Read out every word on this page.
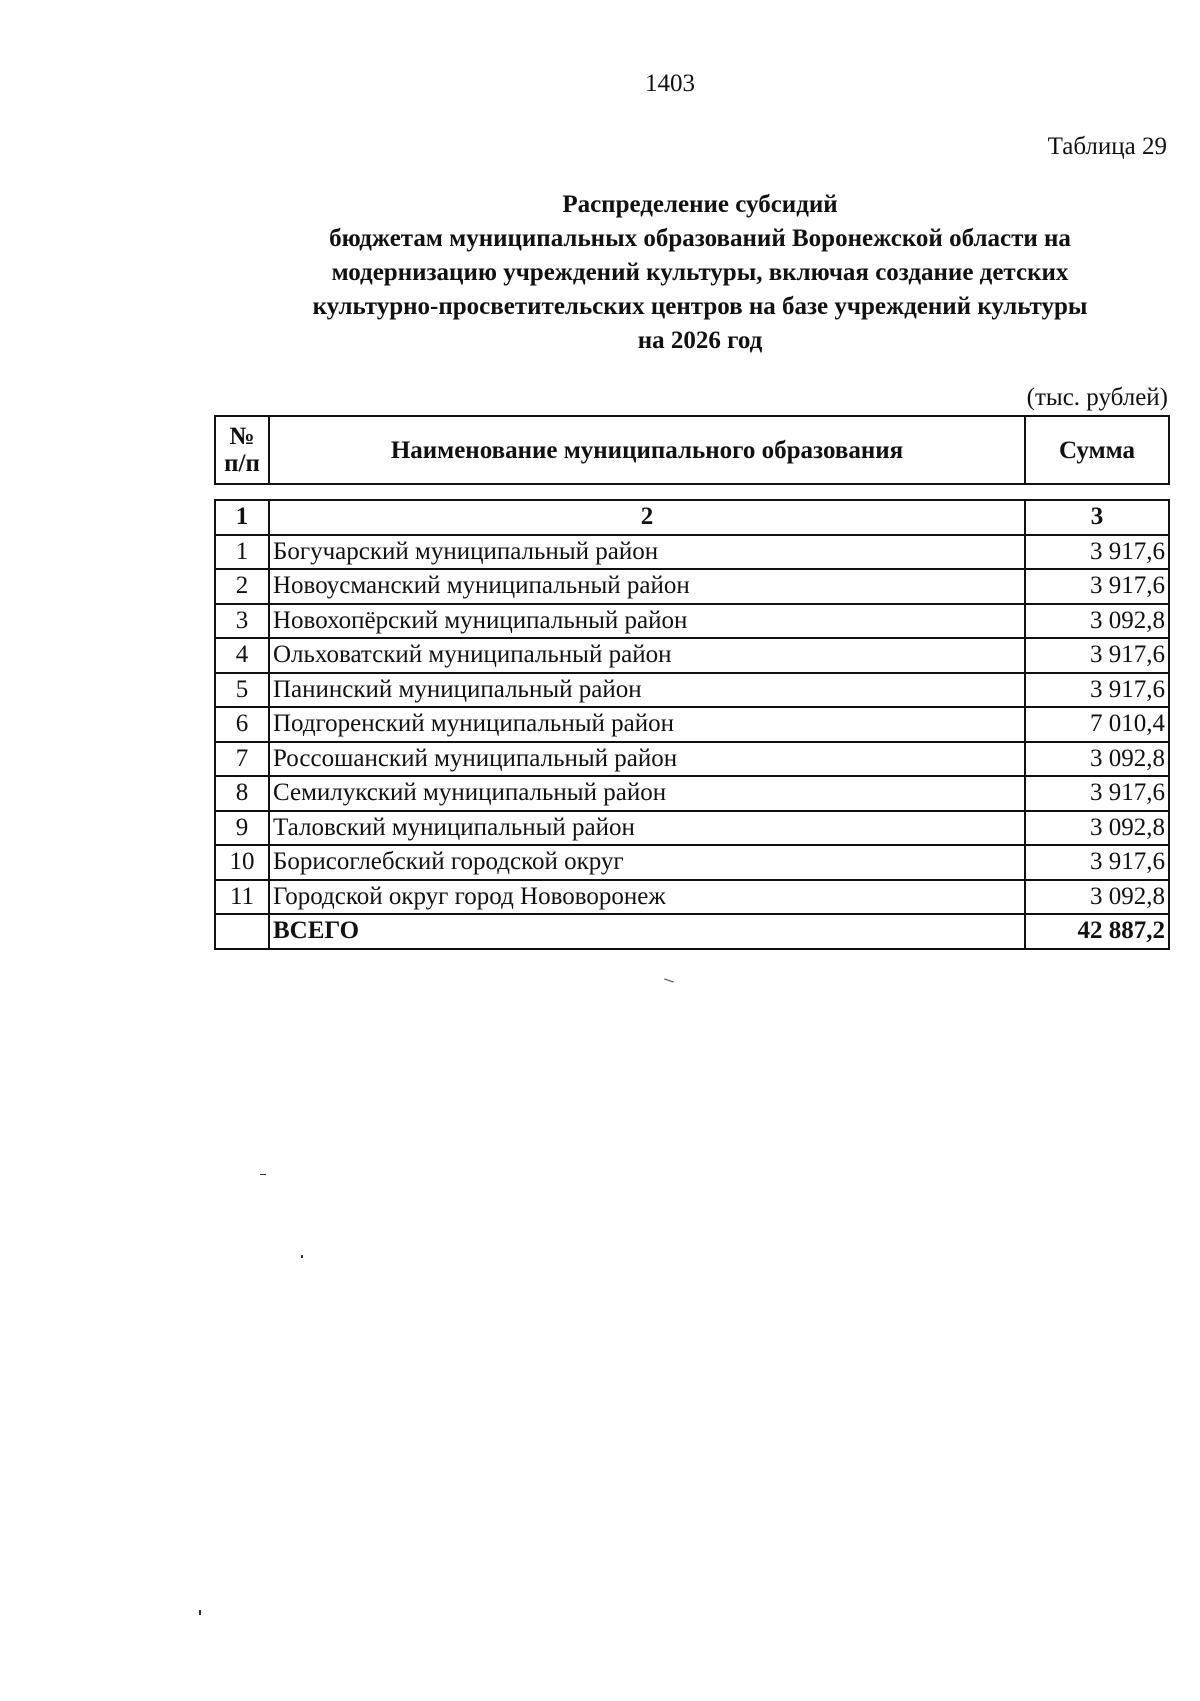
1403
Таблица 29
Распределение субсидий
бюджетам муниципальных образований Воронежской области на
модернизацию учреждений культуры, включая создание детских
культурно-просветительских центров на базе учреждений культуры
на 2026 год
(тыс. рублей)
№
п/п	Наименование муниципального образования	Сумма
1	2	3
1	Богучарский муниципальный район	3 917,6
2	Новоусманский муниципальный район	3 917,6
3	Новохопёрский муниципальный район	3 092,8
4	Ольховатский муниципальный район	3 917,6
5	Панинский муниципальный район	3 917,6
6	Подгоренский муниципальный район	7 010,4
7	Россошанский муниципальный район	3 092,8
8	Семилукский муниципальный район	3 917,6
9	Таловский муниципальный район	3 092,8
10	Борисоглебский городской округ	3 917,6
11	Городской округ город Нововоронеж	3 092,8
	ВСЕГО	42 887,2
